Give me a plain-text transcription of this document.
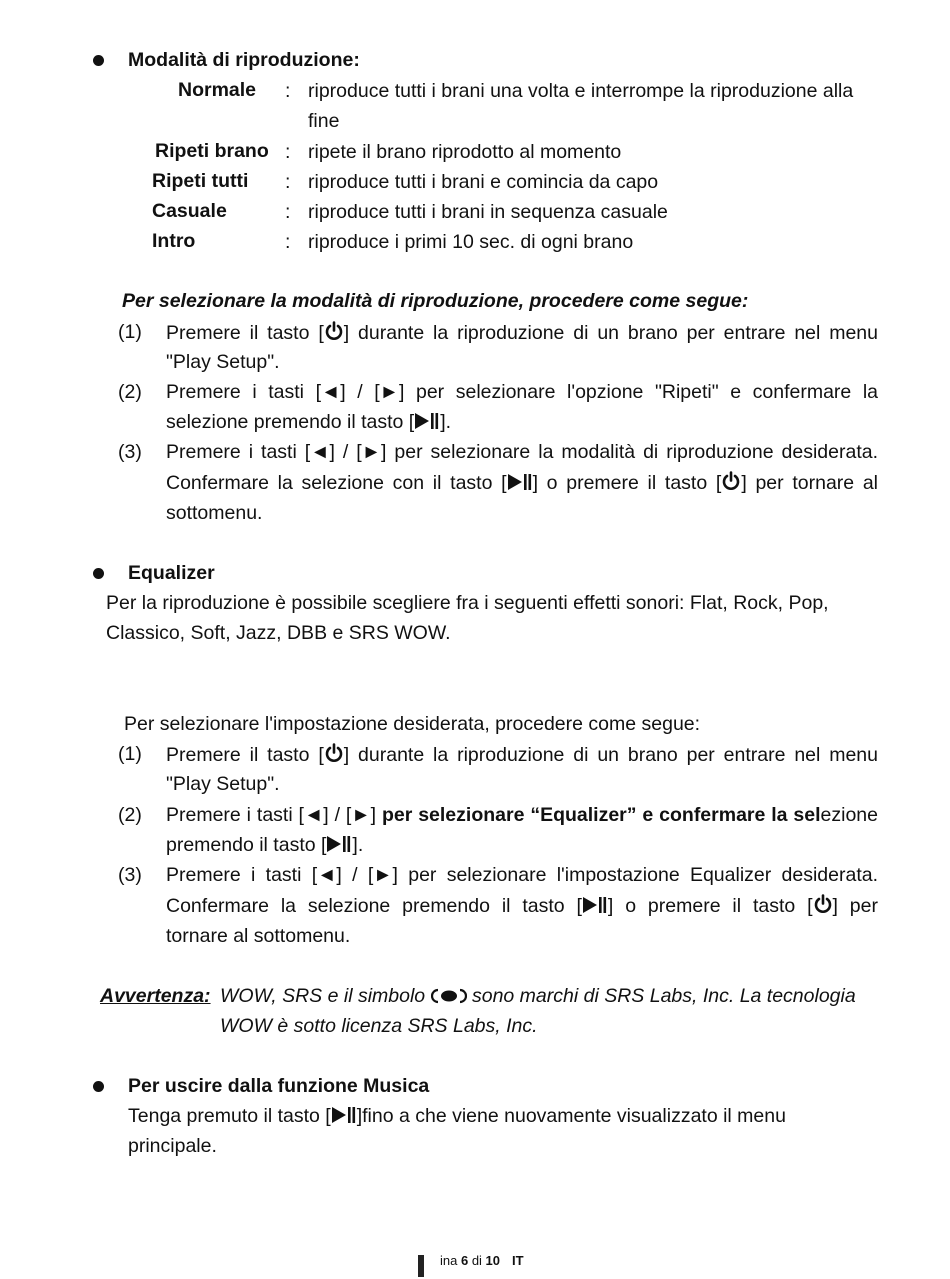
Modalità di riproduzione:
Normale : riproduce tutti i brani una volta e interrompe la riproduzione alla
fine
Ripeti brano : ripete il brano riprodotto al momento
Ripeti tutti : riproduce tutti i brani e comincia da capo
Casuale	: riproduce tutti i brani in sequenza casuale
Intro	: riproduce i primi 10 sec. di ogni brano
Per selezionare la modalità di riproduzione, procedere come segue:
(1) Premere il tasto [ ] durante la riproduzione di un brano per entrare nel menu
"Play Setup".
(2) Premere i tasti [◄] / [►] per selezionare l'opzione "Ripeti" e confermare la
selezione premendo il tasto [ ].
(3) Premere i tasti [◄] / [►] per selezionare la modalità di riproduzione desiderata.
Confermare la selezione con il tasto [ ] o premere il tasto [ ] per tornare al
sottomenu.
Equalizer
Per la riproduzione è possibile scegliere fra i seguenti effetti sonori: Flat, Rock, Pop,
Classico, Soft, Jazz, DBB e SRS WOW.
Per selezionare l'impostazione desiderata, procedere come segue:
(1) Premere il tasto [ ] durante la riproduzione di un brano per entrare nel menu
"Play Setup".
(2) Premere i tasti [◄] / [►] per selezionare “Equalizer” e confermare la selezione
premendo il tasto [ ].
(3) Premere i tasti [◄] / [►] per selezionare l'impostazione Equalizer desiderata.
Confermare la selezione premendo il tasto [ ] o premere il tasto [ ] per
tornare al sottomenu.
Avvertenza: WOW, SRS e il simbolo sono marchi di SRS Labs, Inc. La tecnologia
WOW è sotto licenza SRS Labs, Inc.
Per uscire dalla funzione Musica
Tenga premuto il tasto [ ]fino a che viene nuovamente visualizzato il menu
principale.
ina 6 di 10 IT
